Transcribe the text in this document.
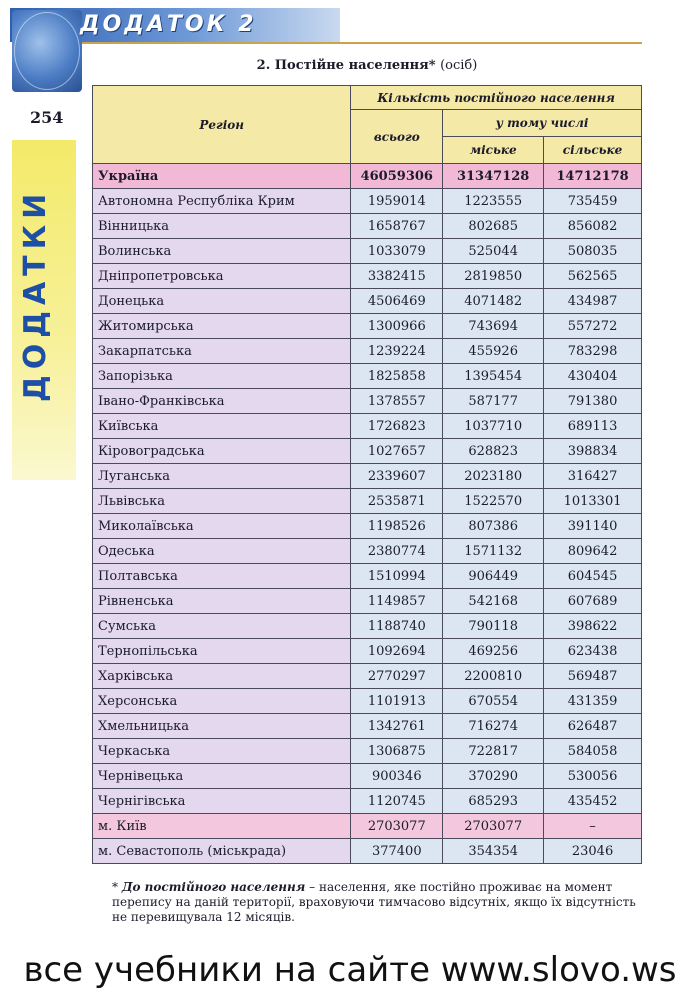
ДОДАТОК 2
254
ДОДАТКИ
2. Постійне населення* (осіб)
Регіон	Кількість постійного населення		
	всього	у тому числі	
		міське	сільське
Україна	46059306	31347128	14712178
Автономна Республіка Крим	1959014	1223555	735459
Вінницька	1658767	802685	856082
Волинська	1033079	525044	508035
Дніпропетровська	3382415	2819850	562565
Донецька	4506469	4071482	434987
Житомирська	1300966	743694	557272
Закарпатська	1239224	455926	783298
Запорізька	1825858	1395454	430404
Івано-Франківська	1378557	587177	791380
Київська	1726823	1037710	689113
Кіровоградська	1027657	628823	398834
Луганська	2339607	2023180	316427
Львівська	2535871	1522570	1013301
Миколаївська	1198526	807386	391140
Одеська	2380774	1571132	809642
Полтавська	1510994	906449	604545
Рівненська	1149857	542168	607689
Сумська	1188740	790118	398622
Тернопільська	1092694	469256	623438
Харківська	2770297	2200810	569487
Херсонська	1101913	670554	431359
Хмельницька	1342761	716274	626487
Черкаська	1306875	722817	584058
Чернівецька	900346	370290	530056
Чернігівська	1120745	685293	435452
м. Київ	2703077	2703077	–
м. Севастополь (міськрада)	377400	354354	23046
* До постійного населення – населення, яке постійно проживає на момент перепису на даній території, враховуючи тимчасово відсутніх, якщо їх відсутність не перевищувала 12 місяців.
все учебники на сайте www.slovo.ws
